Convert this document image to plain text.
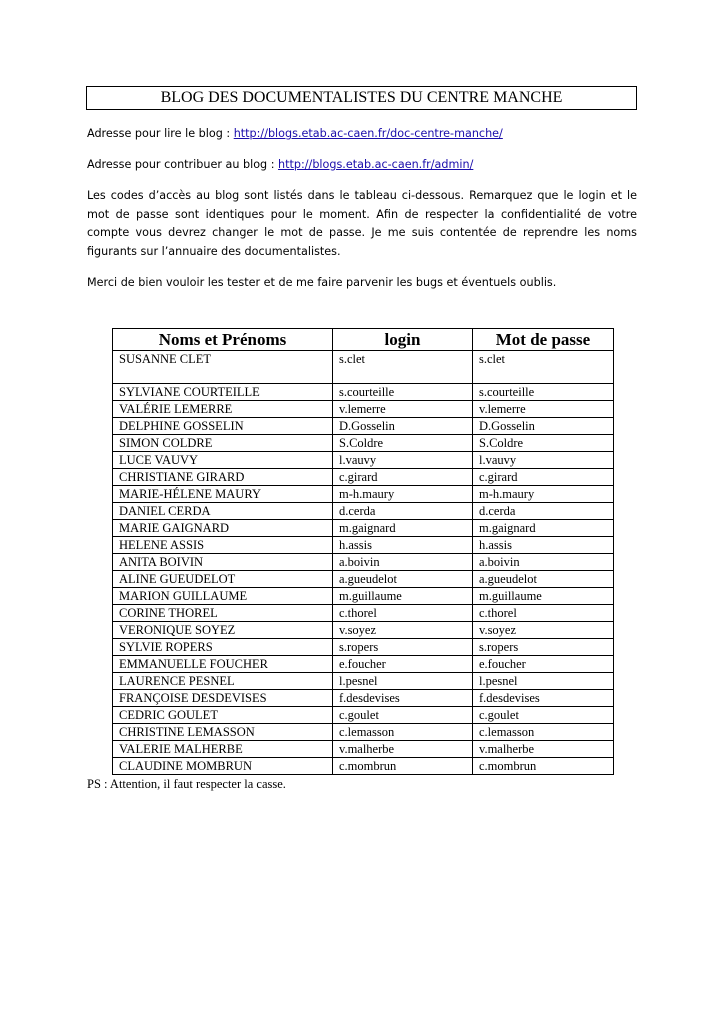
BLOG DES DOCUMENTALISTES DU CENTRE MANCHE
Adresse pour lire le blog : http://blogs.etab.ac-caen.fr/doc-centre-manche/
Adresse pour contribuer au blog : http://blogs.etab.ac-caen.fr/admin/
Les codes d’accès au blog sont listés dans le tableau ci-dessous. Remarquez que le login et le mot de passe sont identiques pour le moment. Afin de respecter la confidentialité de votre compte vous devrez changer le mot de passe. Je me suis contentée de reprendre les noms figurants sur l’annuaire des documentalistes.
Merci de bien vouloir les tester et de me faire parvenir les bugs et éventuels oublis.
Noms et Prénoms	login	Mot de passe
SUSANNE CLET	s.clet	s.clet
SYLVIANE COURTEILLE	s.courteille	s.courteille
VALÉRIE LEMERRE	v.lemerre	v.lemerre
DELPHINE GOSSELIN	D.Gosselin	D.Gosselin
SIMON COLDRE	S.Coldre	S.Coldre
LUCE VAUVY	l.vauvy	l.vauvy
CHRISTIANE GIRARD	c.girard	c.girard
MARIE-HÉLENE MAURY	m-h.maury	m-h.maury
DANIEL CERDA	d.cerda	d.cerda
MARIE GAIGNARD	m.gaignard	m.gaignard
HELENE ASSIS	h.assis	h.assis
ANITA BOIVIN	a.boivin	a.boivin
ALINE GUEUDELOT	a.gueudelot	a.gueudelot
MARION GUILLAUME	m.guillaume	m.guillaume
CORINE THOREL	c.thorel	c.thorel
VERONIQUE SOYEZ	v.soyez	v.soyez
SYLVIE ROPERS	s.ropers	s.ropers
EMMANUELLE FOUCHER	e.foucher	e.foucher
LAURENCE PESNEL	l.pesnel	l.pesnel
FRANÇOISE DESDEVISES	f.desdevises	f.desdevises
CEDRIC GOULET	c.goulet	c.goulet
CHRISTINE LEMASSON	c.lemasson	c.lemasson
VALERIE MALHERBE	v.malherbe	v.malherbe
CLAUDINE MOMBRUN	c.mombrun	c.mombrun
PS : Attention, il faut respecter la casse.
